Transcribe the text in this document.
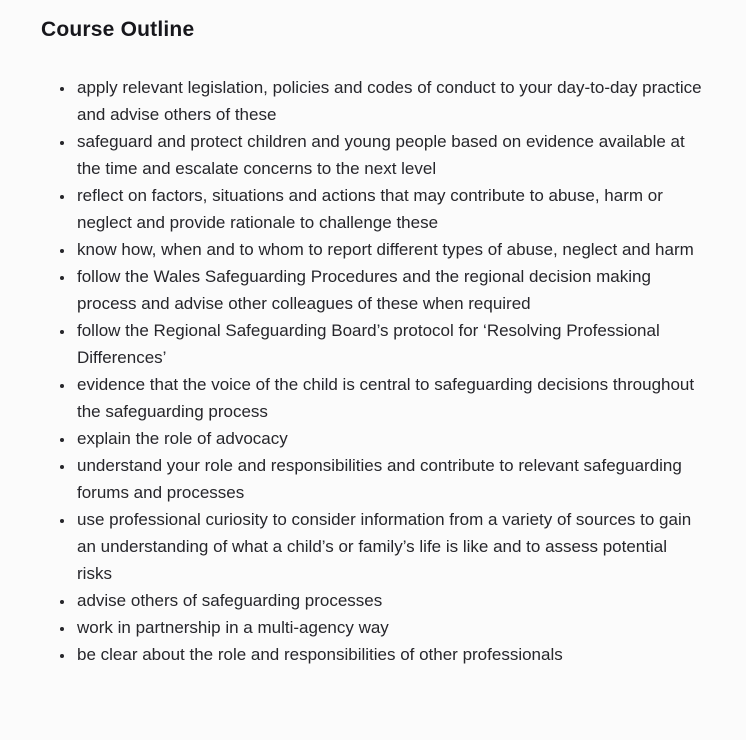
Course Outline
• apply relevant legislation, policies and codes of conduct to your day-to-day practice and advise others of these
• safeguard and protect children and young people based on evidence available at the time and escalate concerns to the next level
• reflect on factors, situations and actions that may contribute to abuse, harm or neglect and provide rationale to challenge these
• know how, when and to whom to report different types of abuse, neglect and harm
• follow the Wales Safeguarding Procedures and the regional decision making process and advise other colleagues of these when required
• follow the Regional Safeguarding Board’s protocol for ‘Resolving Professional Differences’
• evidence that the voice of the child is central to safeguarding decisions throughout the safeguarding process
• explain the role of advocacy
• understand your role and responsibilities and contribute to relevant safeguarding forums and processes
• use professional curiosity to consider information from a variety of sources to gain an understanding of what a child’s or family’s life is like and to assess potential risks
• advise others of safeguarding processes
• work in partnership in a multi-agency way
• be clear about the role and responsibilities of other professionals
